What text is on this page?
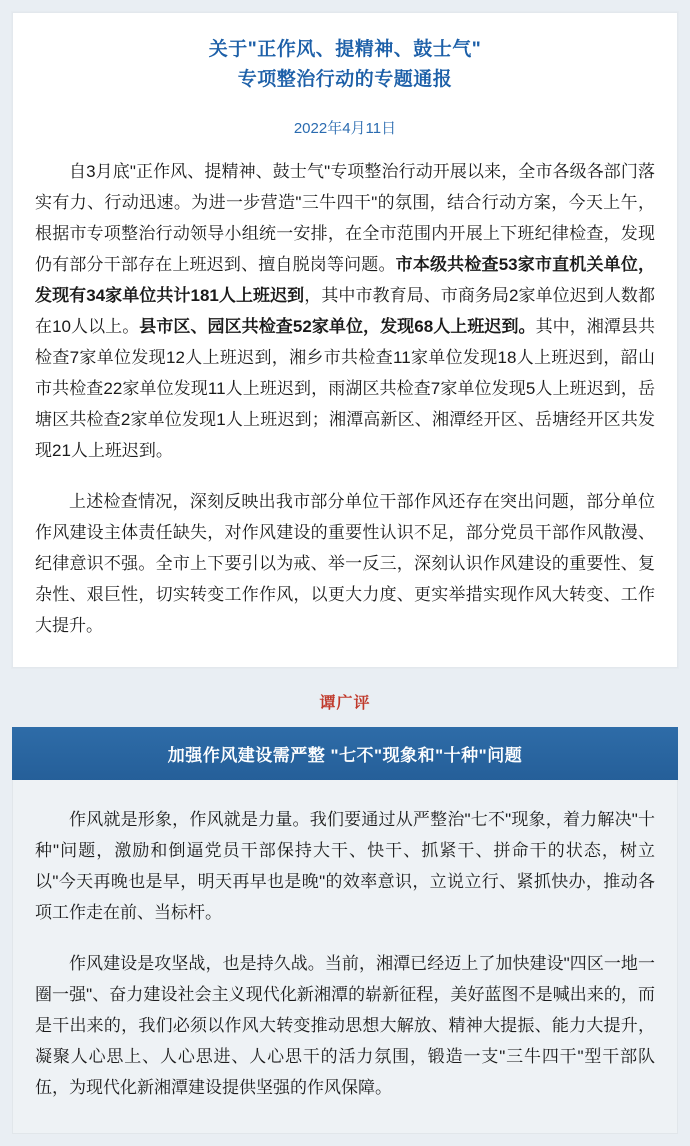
关于"正作风、提精神、鼓士气"
专项整治行动的专题通报
2022年4月11日

自3月底"正作风、提精神、鼓士气"专项整治行动开展以来，全市各级各部门落实有力、行动迅速。为进一步营造"三牛四干"的氛围，结合行动方案，今天上午，根据市专项整治行动领导小组统一安排，在全市范围内开展上下班纪律检查，发现仍有部分干部存在上班迟到、擅自脱岗等问题。市本级共检查53家市直机关单位，发现有34家单位共计181人上班迟到，其中市教育局、市商务局2家单位迟到人数都在10人以上。县市区、园区共检查52家单位，发现68人上班迟到。其中，湘潭县共检查7家单位发现12人上班迟到，湘乡市共检查11家单位发现18人上班迟到，韶山市共检查22家单位发现11人上班迟到，雨湖区共检查7家单位发现5人上班迟到，岳塘区共检查2家单位发现1人上班迟到；湘潭高新区、湘潭经开区、岳塘经开区共发现21人上班迟到。

上述检查情况，深刻反映出我市部分单位干部作风还存在突出问题，部分单位作风建设主体责任缺失，对作风建设的重要性认识不足，部分党员干部作风散漫、纪律意识不强。全市上下要引以为戒、举一反三，深刻认识作风建设的重要性、复杂性、艰巨性，切实转变工作作风，以更大力度、更实举措实现作风大转变、工作大提升。

谭广评
加强作风建设需严整 "七不"现象和"十种"问题

作风就是形象，作风就是力量。我们要通过从严整治"七不"现象，着力解决"十种"问题，激励和倒逼党员干部保持大干、快干、抓紧干、拼命干的状态，树立以"今天再晚也是早，明天再早也是晚"的效率意识，立说立行、紧抓快办，推动各项工作走在前、当标杆。

作风建设是攻坚战，也是持久战。当前，湘潭已经迈上了加快建设"四区一地一圈一强"、奋力建设社会主义现代化新湘潭的崭新征程，美好蓝图不是喊出来的，而是干出来的，我们必须以作风大转变推动思想大解放、精神大提振、能力大提升，凝聚人心思上、人心思进、人心思干的活力氛围，锻造一支"三牛四干"型干部队伍，为现代化新湘潭建设提供坚强的作风保障。
